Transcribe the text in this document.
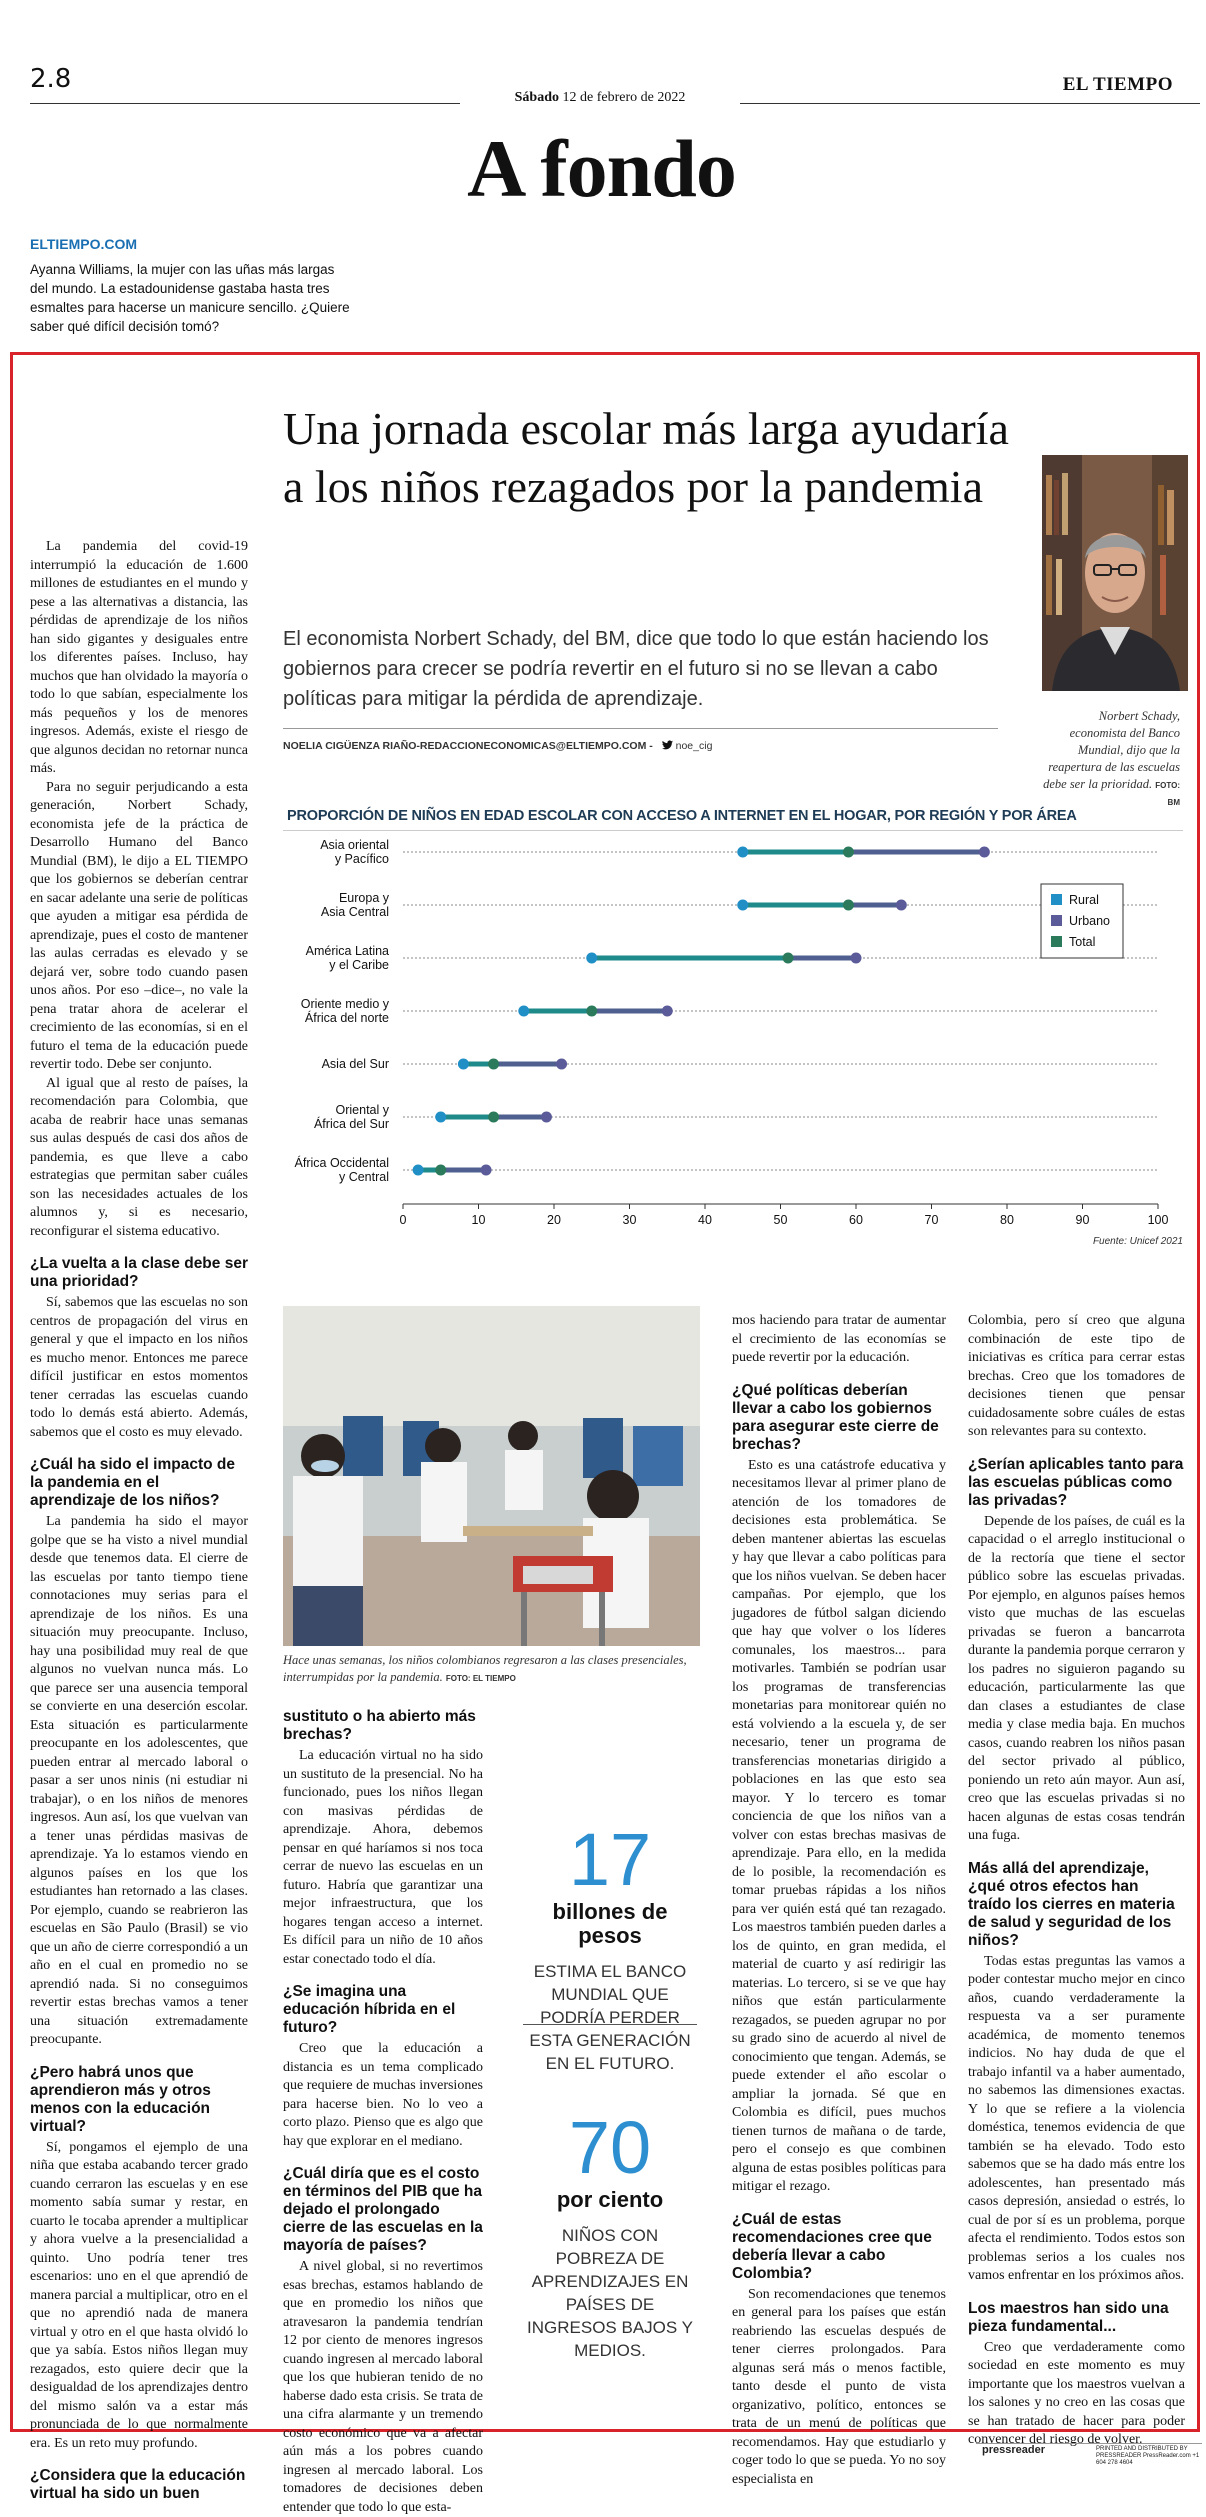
2.8
Sábado 12 de febrero de 2022
EL TIEMPO
A fondo
ELTIEMPO.COM
Ayanna Williams, la mujer con las uñas más largas del mundo. La estadounidense gastaba hasta tres esmaltes para hacerse un manicure sencillo. ¿Quiere saber qué difícil decisión tomó?
Una jornada escolar más larga ayudaría a los niños rezagados por la pandemia
El economista Norbert Schady, del BM, dice que todo lo que están haciendo los gobiernos para crecer se podría revertir en el futuro si no se llevan a cabo políticas para mitigar la pérdida de aprendizaje.
NOELIA CIGÜENZA RIAÑO-REDACCIONECONOMICAS@ELTIEMPO.COM - noe_cig
Norbert Schady, economista del Banco Mundial, dijo que la reapertura de las escuelas debe ser la prioridad. FOTO: BM
PROPORCIÓN DE NIÑOS EN EDAD ESCOLAR CON ACCESO A INTERNET EN EL HOGAR, POR REGIÓN Y POR ÁREA
Asia oriental
y Pacífico
Europa y
Asia Central
América Latina
y el Caribe
Oriente medio y
África del norte
Asia del Sur
Oriental y
África del Sur
África Occidental
y Central
0	10	20	30	40	50	60	70	80	90	100
Rural
Urbano
Total
Fuente: Unicef 2021

La pandemia del covid-19 interrumpió la educación de 1.600 millones de estudiantes en el mundo y pese a las alternativas a distancia, las pérdidas de aprendizaje de los niños han sido gigantes y desiguales entre los diferentes países. Incluso, hay muchos que han olvidado la mayoría o todo lo que sabían, especialmente los más pequeños y los de menores ingresos. Además, existe el riesgo de que algunos decidan no retornar nunca más.

Para no seguir perjudicando a esta generación, Norbert Schady, economista jefe de la práctica de Desarrollo Humano del Banco Mundial (BM), le dijo a EL TIEMPO que los gobiernos se deberían centrar en sacar adelante una serie de políticas que ayuden a mitigar esa pérdida de aprendizaje, pues el costo de mantener las aulas cerradas es elevado y se dejará ver, sobre todo cuando pasen unos años. Por eso –dice–, no vale la pena tratar ahora de acelerar el crecimiento de las economías, si en el futuro el tema de la educación puede revertir todo. Debe ser conjunto.

Al igual que al resto de países, la recomendación para Colombia, que acaba de reabrir hace unas semanas sus aulas después de casi dos años de pandemia, es que lleve a cabo estrategias que permitan saber cuáles son las necesidades actuales de los alumnos y, si es necesario, reconfigurar el sistema educativo.

¿La vuelta a la clase debe ser una prioridad?

Sí, sabemos que las escuelas no son centros de propagación del virus en general y que el impacto en los niños es mucho menor. Entonces me parece difícil justificar en estos momentos tener cerradas las escuelas cuando todo lo demás está abierto. Además, sabemos que el costo es muy elevado.

¿Cuál ha sido el impacto de la pandemia en el aprendizaje de los niños?

La pandemia ha sido el mayor golpe que se ha visto a nivel mundial desde que tenemos data. El cierre de las escuelas por tanto tiempo tiene connotaciones muy serias para el aprendizaje de los niños. Es una situación muy preocupante. Incluso, hay una posibilidad muy real de que algunos no vuelvan nunca más. Lo que parece ser una ausencia temporal se convierte en una deserción escolar. Esta situación es particularmente preocupante en los adolescentes, que pueden entrar al mercado laboral o pasar a ser unos ninis (ni estudiar ni trabajar), o en los niños de menores ingresos. Aun así, los que vuelvan van a tener unas pérdidas masivas de aprendizaje. Ya lo estamos viendo en algunos países en los que los estudiantes han retornado a las clases. Por ejemplo, cuando se reabrieron las escuelas en São Paulo (Brasil) se vio que un año de cierre correspondió a un año en el cual en promedio no se aprendió nada. Si no conseguimos revertir estas brechas vamos a tener una situación extremadamente preocupante.

¿Pero habrá unos que aprendieron más y otros menos con la educación virtual?

Sí, pongamos el ejemplo de una niña que estaba acabando tercer grado cuando cerraron las escuelas y en ese momento sabía sumar y restar, en cuarto le tocaba aprender a multiplicar y ahora vuelve a la presencialidad a quinto. Uno podría tener tres escenarios: uno en el que aprendió de manera parcial a multiplicar, otro en el que no aprendió nada de manera virtual y otro en el que hasta olvidó lo que ya sabía. Estos niños llegan muy rezagados, esto quiere decir que la desigualdad de los aprendizajes dentro del mismo salón va a estar más pronunciada de lo que normalmente era. Es un reto muy profundo.

¿Considera que la educación virtual ha sido un buen
Hace unas semanas, los niños colombianos regresaron a las clases presenciales, interrumpidas por la pandemia. FOTO: EL TIEMPO
sustituto o ha abierto más brechas?

La educación virtual no ha sido un sustituto de la presencial. No ha funcionado, pues los niños llegan con masivas pérdidas de aprendizaje. Ahora, debemos pensar en qué haríamos si nos toca cerrar de nuevo las escuelas en un futuro. Habría que garantizar una mejor infraestructura, que los hogares tengan acceso a internet. Es difícil para un niño de 10 años estar conectado todo el día.

¿Se imagina una educación híbrida en el futuro?

Creo que la educación a distancia es un tema complicado que requiere de muchas inversiones para hacerse bien. No lo veo a corto plazo. Pienso que es algo que hay que explorar en el mediano.

¿Cuál diría que es el costo en términos del PIB que ha dejado el prolongado cierre de las escuelas en la mayoría de países?

A nivel global, si no revertimos esas brechas, estamos hablando de que en promedio los niños que atravesaron la pandemia tendrían 12 por ciento de menores ingresos cuando ingresen al mercado laboral que los que hubieran tenido de no haberse dado esta crisis. Se trata de una cifra alarmante y un tremendo costo económico que va a afectar aún más a los pobres cuando ingresen al mercado laboral. Los tomadores de decisiones deben entender que todo lo que esta-

17
billones de pesos
ESTIMA EL BANCO MUNDIAL QUE PODRÍA PERDER ESTA GENERACIÓN EN EL FUTURO.
70
por ciento
NIÑOS CON POBREZA DE APRENDIZAJES EN PAÍSES DE INGRESOS BAJOS Y MEDIOS.

mos haciendo para tratar de aumentar el crecimiento de las economías se puede revertir por la educación.

¿Qué políticas deberían llevar a cabo los gobiernos para asegurar este cierre de brechas?

Esto es una catástrofe educativa y necesitamos llevar al primer plano de atención de los tomadores de decisiones esta problemática. Se deben mantener abiertas las escuelas y hay que llevar a cabo políticas para que los niños vuelvan. Se deben hacer campañas. Por ejemplo, que los jugadores de fútbol salgan diciendo que hay que volver o los líderes comunales, los maestros... para motivarles. También se podrían usar los programas de transferencias monetarias para monitorear quién no está volviendo a la escuela y, de ser necesario, tener un programa de transferencias monetarias dirigido a poblaciones en las que esto sea mayor. Y lo tercero es tomar conciencia de que los niños van a volver con estas brechas masivas de aprendizaje. Para ello, en la medida de lo posible, la recomendación es tomar pruebas rápidas a los niños para ver quién está qué tan rezagado. Los maestros también pueden darles a los de quinto, en gran medida, el material de cuarto y así redirigir las materias. Lo tercero, si se ve que hay niños que están particularmente rezagados, se pueden agrupar no por su grado sino de acuerdo al nivel de conocimiento que tengan. Además, se puede extender el año escolar o ampliar la jornada. Sé que en Colombia es difícil, pues muchos tienen turnos de mañana o de tarde, pero el consejo es que combinen alguna de estas posibles políticas para mitigar el rezago.

¿Cuál de estas recomendaciones cree que debería llevar a cabo Colombia?

Son recomendaciones que tenemos en general para los países que están reabriendo las escuelas después de tener cierres prolongados. Para algunas será más o menos factible, tanto desde el punto de vista organizativo, político, entonces se trata de un menú de políticas que recomendamos. Hay que estudiarlo y coger todo lo que se pueda. Yo no soy especialista en

Colombia, pero sí creo que alguna combinación de este tipo de iniciativas es crítica para cerrar estas brechas. Creo que los tomadores de decisiones tienen que pensar cuidadosamente sobre cuáles de estas son relevantes para su contexto.

¿Serían aplicables tanto para las escuelas públicas como las privadas?

Depende de los países, de cuál es la capacidad o el arreglo institucional o de la rectoría que tiene el sector público sobre las escuelas privadas. Por ejemplo, en algunos países hemos visto que muchas de las escuelas privadas se fueron a bancarrota durante la pandemia porque cerraron y los padres no siguieron pagando su educación, particularmente las que dan clases a estudiantes de clase media y clase media baja. En muchos casos, cuando reabren los niños pasan del sector privado al público, poniendo un reto aún mayor. Aun así, creo que las escuelas privadas si no hacen algunas de estas cosas tendrán una fuga.

Más allá del aprendizaje, ¿qué otros efectos han traído los cierres en materia de salud y seguridad de los niños?

Todas estas preguntas las vamos a poder contestar mucho mejor en cinco años, cuando verdaderamente la respuesta va a ser puramente académica, de momento tenemos indicios. No hay duda de que el trabajo infantil va a haber aumentado, no sabemos las dimensiones exactas. Y lo que se refiere a la violencia doméstica, tenemos evidencia de que también se ha elevado. Todo esto sabemos que se ha dado más entre los adolescentes, han presentado más casos depresión, ansiedad o estrés, lo cual de por sí es un problema, porque afecta el rendimiento. Todos estos son problemas serios a los cuales nos vamos enfrentar en los próximos años.

Los maestros han sido una pieza fundamental...

Creo que verdaderamente como sociedad en este momento es muy importante que los maestros vuelvan a los salones y no creo en las cosas que se han tratado de hacer para poder convencer del riesgo de volver.

pressreader	PRINTED AND DISTRIBUTED BY PRESSREADER PressReader.com +1 604 278 4604
